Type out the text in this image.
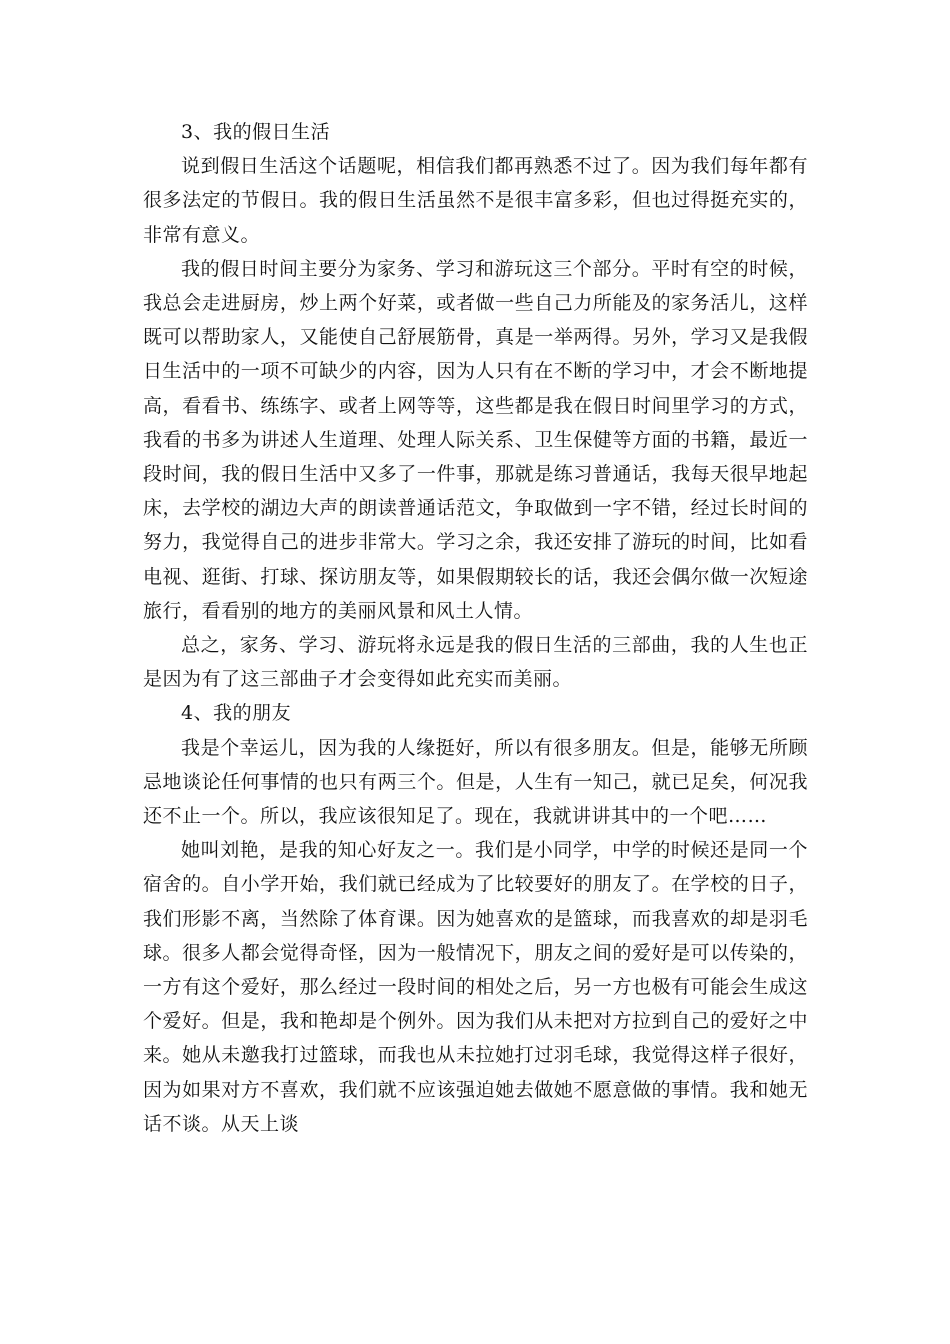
3、我的假日生活

说到假日生活这个话题呢，相信我们都再熟悉不过了。因为我们每年都有很多法定的节假日。我的假日生活虽然不是很丰富多彩，但也过得挺充实的，非常有意义。

我的假日时间主要分为家务、学习和游玩这三个部分。平时有空的时候，我总会走进厨房，炒上两个好菜，或者做一些自己力所能及的家务活儿，这样既可以帮助家人，又能使自己舒展筋骨，真是一举两得。另外，学习又是我假日生活中的一项不可缺少的内容，因为人只有在不断的学习中，才会不断地提高，看看书、练练字、或者上网等等，这些都是我在假日时间里学习的方式，我看的书多为讲述人生道理、处理人际关系、卫生保健等方面的书籍，最近一段时间，我的假日生活中又多了一件事，那就是练习普通话，我每天很早地起床，去学校的湖边大声的朗读普通话范文，争取做到一字不错，经过长时间的努力，我觉得自己的进步非常大。学习之余，我还安排了游玩的时间，比如看电视、逛街、打球、探访朋友等，如果假期较长的话，我还会偶尔做一次短途旅行，看看别的地方的美丽风景和风土人情。

总之，家务、学习、游玩将永远是我的假日生活的三部曲，我的人生也正是因为有了这三部曲子才会变得如此充实而美丽。

4、我的朋友

我是个幸运儿，因为我的人缘挺好，所以有很多朋友。但是，能够无所顾忌地谈论任何事情的也只有两三个。但是，人生有一知己，就已足矣，何况我还不止一个。所以，我应该很知足了。现在，我就讲讲其中的一个吧……

她叫刘艳，是我的知心好友之一。我们是小同学，中学的时候还是同一个宿舍的。自小学开始，我们就已经成为了比较要好的朋友了。在学校的日子，我们形影不离，当然除了体育课。因为她喜欢的是篮球，而我喜欢的却是羽毛球。很多人都会觉得奇怪，因为一般情况下，朋友之间的爱好是可以传染的，一方有这个爱好，那么经过一段时间的相处之后，另一方也极有可能会生成这个爱好。但是，我和艳却是个例外。因为我们从未把对方拉到自己的爱好之中来。她从未邀我打过篮球，而我也从未拉她打过羽毛球，我觉得这样子很好，因为如果对方不喜欢，我们就不应该强迫她去做她不愿意做的事情。我和她无话不谈。从天上谈
